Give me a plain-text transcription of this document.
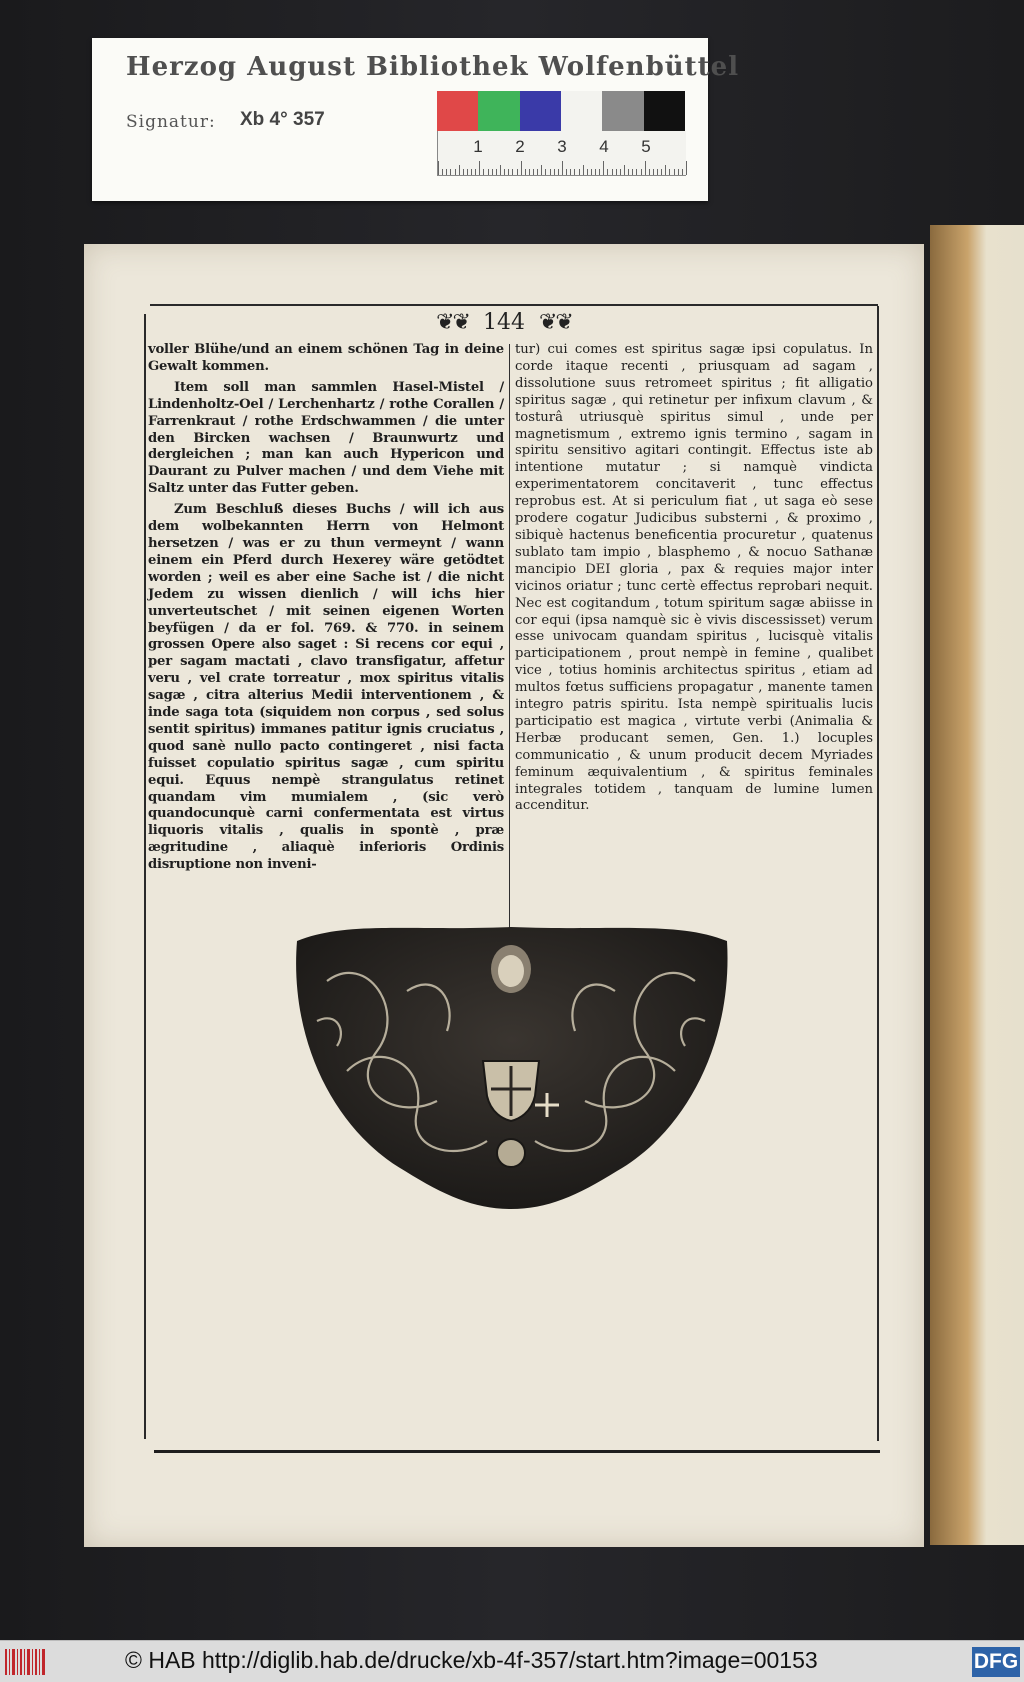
Herzog August Bibliothek Wolfenbüttel
Signatur: Xb 4° 357
1	2	3	4	5
❦❦ 144 ❦❦

voller Blühe/und an einem schönen Tag in deine Gewalt kommen.

Item soll man sammlen Hasel-Mistel / Lindenholtz-Oel / Lerchenhartz / rothe Corallen / Farrenkraut / rothe Erdschwammen / die unter den Bircken wachsen / Braunwurtz und dergleichen ; man kan auch Hypericon und Daurant zu Pulver machen / und dem Viehe mit Saltz unter das Futter geben.

Zum Beschluß dieses Buchs / will ich aus dem wolbekannten Herrn von Helmont hersetzen / was er zu thun vermeynt / wann einem ein Pferd durch Hexerey wäre getödtet worden ; weil es aber eine Sache ist / die nicht Jedem zu wissen dienlich / will ichs hier unverteutschet / mit seinen eigenen Worten beyfügen / da er fol. 769. & 770. in seinem grossen Opere also saget : Si recens cor equi , per sagam mactati , clavo transfigatur, affetur veru , vel crate torreatur , mox spiritus vitalis sagæ , citra alterius Medii interventionem , & inde saga tota (siquidem non corpus , sed solus sentit spiritus) immanes patitur ignis cruciatus , quod sanè nullo pacto contingeret , nisi facta fuisset copulatio spiritus sagæ , cum spiritu equi. Equus nempè strangulatus retinet quandam vim mumialem , (sic verò quandocunquè carni confermentata est virtus liquoris vitalis , qualis in spontè , præ ægritudine , aliaquè inferioris Ordinis disruptione non inveni-

tur) cui comes est spiritus sagæ ipsi copulatus. In corde itaque recenti , priusquam ad sagam , dissolutione suus retromeet spiritus ; fit alligatio spiritus sagæ , qui retinetur per infixum clavum , & tosturâ utriusquè spiritus simul , unde per magnetismum , extremo ignis termino , sagam in spiritu sensitivo agitari contingit. Effectus iste ab intentione mutatur ; si namquè vindicta experimentatorem concitaverit , tunc effectus reprobus est. At si periculum fiat , ut saga eò sese prodere cogatur Judicibus substerni , & proximo , sibiquè hactenus beneficentia procuretur , quatenus sublato tam impio , blasphemo , & nocuo Sathanæ mancipio DEI gloria , pax & requies major inter vicinos oriatur ; tunc certè effectus reprobari nequit. Nec est cogitandum , totum spiritum sagæ abiisse in cor equi (ipsa namquè sic è vivis discessisset) verum esse univocam quandam spiritus , lucisquè vitalis participationem , prout nempè in femine , qualibet vice , totius hominis architectus spiritus , etiam ad multos fœtus sufficiens propagatur , manente tamen integro patris spiritu. Ista nempè spiritualis lucis participatio est magica , virtute verbi (Animalia & Herbæ producant semen, Gen. 1.) locuples communicatio , & unum producit decem Myriades feminum æquivalentium , & spiritus feminales integrales totidem , tanquam de lumine lumen accenditur.

© HAB http://diglib.hab.de/drucke/xb-4f-357/start.htm?image=00153	DFG
